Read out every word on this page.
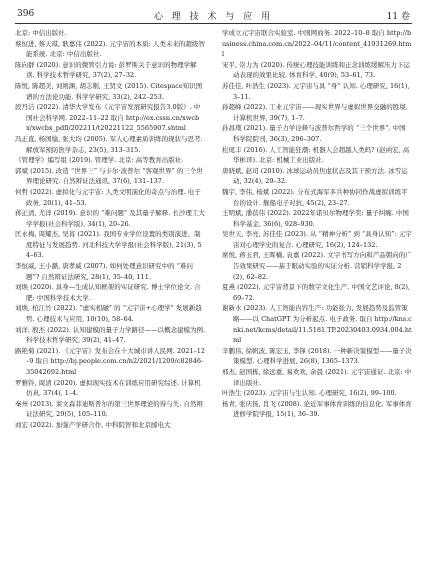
396	心 理 技 术 与 应 用	11 卷

北京: 中信出版社.

蔡恒进, 蔡天琪, 耿嘉伟 (2022). 元宇宙的本质: 人类未来的超级智能系统. 北京: 中信出版社.

陈向群 (2020). 意识的微管引力说: 彭罗斯关于意识的物理学解读. 科学技术哲学研究, 37(2), 27–32.

陈悦, 陈超美, 刘则渊, 胡志刚, 王贤文 (2015). Citespace知识图谱的方法论功能. 科学学研究, 33(2), 242–253.

段丹洁 (2022). 清华大学发布《元宇宙发展研究报告3.0版》. 中国社会科学网. 2022–11–22 取自 http://ex.cssn.cn/xwcbx/xwcbx_pdfl/202211/t20221122_5565907.shtml

冯正直, 杨国愉, 张大均 (2005). 军人心理素质训练的现状与思考. 解放军预防医学杂志, 23(5), 313–315.

《管理学》编写组 (2019). 管理学. 北京: 高等教育出版社.

郭斌 (2015). 改造 “世界三” 与卡尔·波普尔 “客观世界” 的三个世界理论研究. 自然辩证法通讯, 37(6), 131–137.

何哲 (2022). 虚拟化与元宇宙: 人类文明演化的奇点与治理. 电子政务, 20(1), 41–53.

蒋正清, 尤洋 (2019). 意识的 “难问题” 及其量子解释. 长沙理工大学学报(社会科学版), 34(1), 20–26.

匡永梅, 周耀杰, 吴苒 (2021). 我国专业学位设置的类别演进、制度特征与发展趋势. 河北科技大学学报(社会科学版), 21(3), 54–63.

李恒威, 王小潞, 唐孝威 (2007). 如何处理意识研究中的 “难问题”? 自然辩证法研究, 28(1), 35–40, 111.

刘焕 (2020). 具身—生成认知框架的实证研究. 博士学位论文. 合肥: 中国科学技术大学.

刘焕, 柏江竹 (2022). “虚实相融” 的 “元宇宙+心理学” 发展新趋势. 心理技术与应用, 10(10), 58–64.

刘洋, 殷杰 (2022). 认知建模的量子力学路径——以概念建模为例. 科学技术哲学研究, 39(2), 41–47.

路艳菊 (2021). 《元宇宙》发布会在十大城市讲人民网. 2021–12–9 取自 http://bj.people.com.cn/n2/2021/1209/c82846-35042692.html

罗雅铃, 周清 (2020). 虚拟现实技术在训练应用研究综述. 计算机仿真, 37(4), 1–4.

秦州 (2013). 莱文森菲迪斯普尔的第三世界理论的得与失. 自然辩证法研究, 29(5), 105–110.

商宏 (2022). 加强产学研合作, 中科院智和北京邮电大

学成立元宇宙联合实验室. 中国网商务. 2022–10–8 取自 http://business.china.com.cn/2022–04/11/content_41931269.html

宋平, 崇力为 (2020). 传统心理技能训练和正念训练缓解压力下运动表现的效果比较. 体育科学, 40(9), 53–61, 73.

苏佳佳, 叶浩生 (2023). 元宇宙与具 “身” 认知. 心理研究, 16(1), 3–11.

孙超峰 (2022). 工业元宇宙——现实世界与虚拟世界交融的胜境. 计算机世界, 39(7), 1–7.

孙昌璞 (2021). 量子力学诠释与波普尔哲学的 “三个世界”. 中国科学院院刊, 36(3), 296–307.

松尾丰 (2016). 人工智能狂潮: 机器人会超越人类吗? (赵函宏, 高华彬译). 北京: 机械工业出版社.

唐晓斌, 赵司 (2010). 冰球运动员焦虑状态及其干预方法. 冰雪运动, 32(4), 29–32.

魏宇, 李伟, 杨斌 (2022). 分布式海军多兵种协同作战虚拟训练平台的设计. 舰船电子对抗, 45(2), 23–27.

王明斌, 潘蓓伟 (2022). 2022年诺贝尔物理学奖: 量子纠缠. 中国科学基金, 36(6), 928–930.

吴世天, 李亮, 苏佳佳 (2023). 从 “精神分析” 到 “具身认知”: 元宇宙对心理学史的复合. 心理研究, 16(2), 124–132.

席悦, 蒋玉君, 王晖楠, 袁嘉 (2022). 文字书写方向和产品朝向的广告效果研究——基于眼动实验的实证分析. 营销科学学报, 2(2), 62–82.

夏燕 (2022). 元宇宙背景下的数字文化生产. 中国文艺评论, 8(2), 69–72.

谢新水 (2023). 人工智能内容生产: 功能张力, 发展趋势及监管策略——以 ChatGPT 为分析起点. 电子政务. 取自 http://kns.cnki.net/kcms/detail/11.5181.TP.20230403.0934.004.html

辛鹏伟, 徐帆波, 陈宏玉, 李锋 (2018). 一种新决策模型——量子决策模型. 心理科学进展, 26(8), 1365–1373.

邢杰, 赵国栋, 徐远重, 易欢欢, 余晨 (2021). 元宇宙通证. 北京: 中译出版社.

叶浩生 (2023). 元宇宙与生认知. 心理研究, 16(2), 99–100.

杨青, 张庆扬, 肖飞 (2008). 论近军事体育训练的信息化. 军事体育进修学院学报, 15(1), 36–39.
